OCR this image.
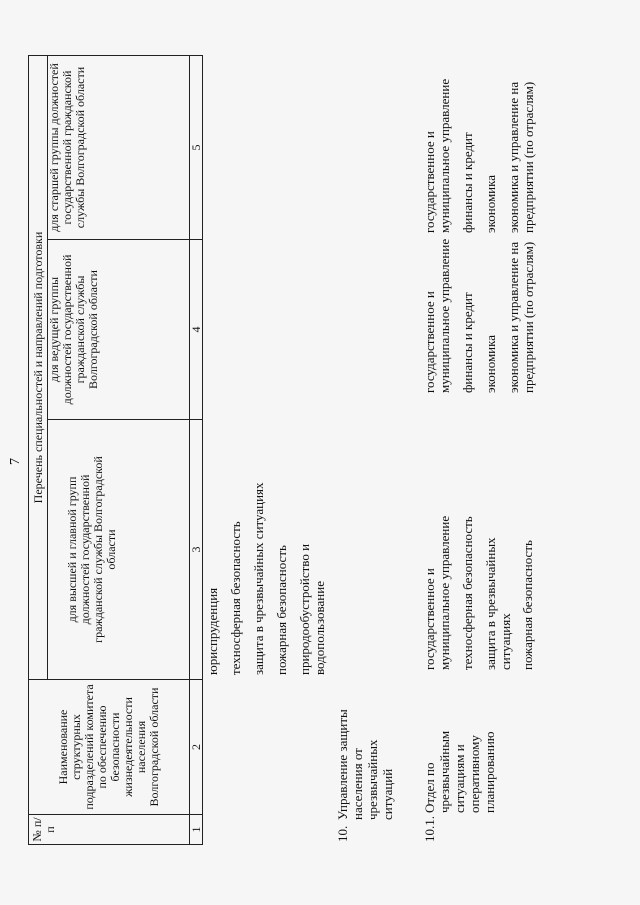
7
№ п/п
Наименование структурных подразделений комитета по обеспечению безопасности жизнедеятельности населения Волгоградской области
Перечень специальностей и направлений подготовки
для высшей и главной групп должностей государственной гражданской службы Волгоградской области
для ведущей группы должностей государственной гражданской службы Волгоградской области
для старшей группы должностей государственной гражданской службы Волгоградской области
1
2
3
4
5
юриспруденция техносферная безопасность защита в чрезвычайных ситуациях пожарная безопасность природообустройство и водопользование
10.
Управление защиты населения от чрезвычайных ситуаций
10.1.
Отдел по чрезвычайным ситуациям и оперативному планированию
государственное и муниципальное управление техносферная безопасность защита в чрезвычайных ситуациях пожарная безопасность
государственное и муниципальное управление финансы и кредит экономика экономика и управление на предприятии (по отраслям)
государственное и муниципальное управление финансы и кредит экономика экономика и управление на предприятии (по отраслям)
